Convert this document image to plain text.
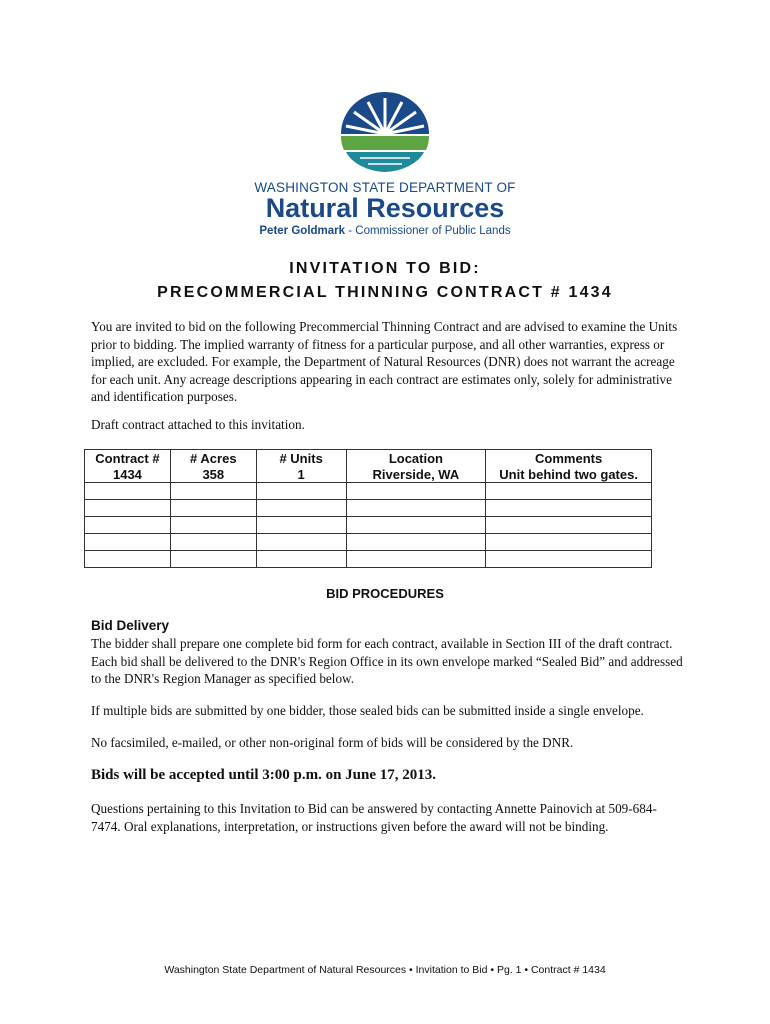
WASHINGTON STATE DEPARTMENT OF
Natural Resources
Peter Goldmark - Commissioner of Public Lands
INVITATION TO BID:
PRECOMMERCIAL THINNING CONTRACT # 1434
You are invited to bid on the following Precommercial Thinning Contract and are advised to examine the Units prior to bidding. The implied warranty of fitness for a particular purpose, and all other warranties, express or implied, are excluded. For example, the Department of Natural Resources (DNR) does not warrant the acreage for each unit. Any acreage descriptions appearing in each contract are estimates only, solely for administrative and identification purposes.
Draft contract attached to this invitation.
Contract #	# Acres	# Units	Location	Comments
1434	358	1	Riverside, WA	Unit behind two gates.

BID PROCEDURES
Bid Delivery
The bidder shall prepare one complete bid form for each contract, available in Section III of the draft contract. Each bid shall be delivered to the DNR's Region Office in its own envelope marked “Sealed Bid” and addressed to the DNR's Region Manager as specified below.
If multiple bids are submitted by one bidder, those sealed bids can be submitted inside a single envelope.
No facsimiled, e-mailed, or other non-original form of bids will be considered by the DNR.
Bids will be accepted until 3:00 p.m. on June 17, 2013.
Questions pertaining to this Invitation to Bid can be answered by contacting Annette Painovich at 509-684-7474. Oral explanations, interpretation, or instructions given before the award will not be binding.
Washington State Department of Natural Resources • Invitation to Bid • Pg. 1 • Contract # 1434
